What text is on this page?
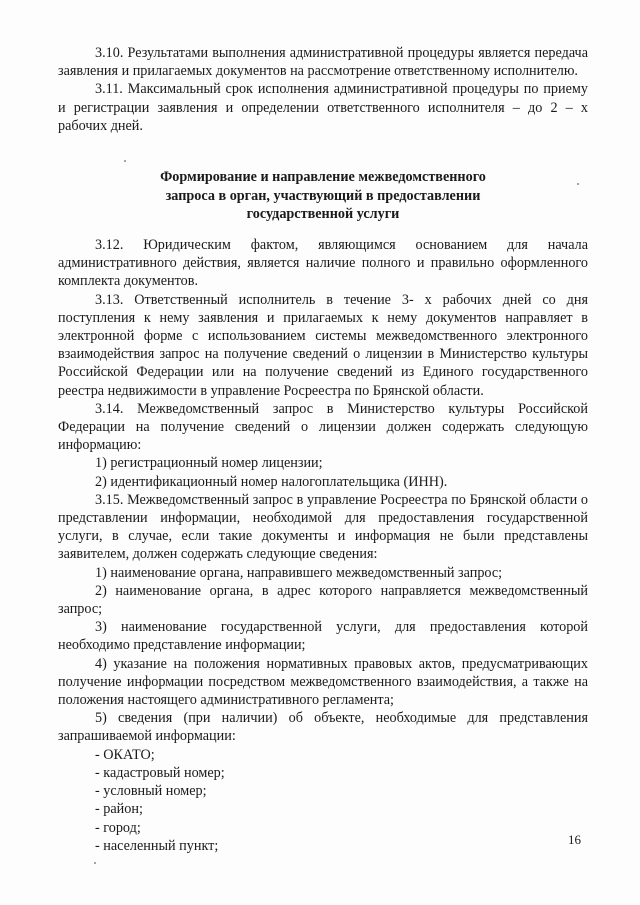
3.10. Результатами выполнения административной процедуры является передача заявления и прилагаемых документов на рассмотрение ответственному исполнителю.

3.11. Максимальный срок исполнения административной процедуры по приему и регистрации заявления и определении ответственного исполнителя – до 2 – х рабочих дней.

Формирование и направление межведомственного
запроса в орган, участвующий в предоставлении
государственной услуги

3.12. Юридическим фактом, являющимся основанием для начала административного действия, является наличие полного и правильно оформленного комплекта документов.

3.13. Ответственный исполнитель в течение 3- х рабочих дней со дня поступления к нему заявления и прилагаемых к нему документов направляет в электронной форме с использованием системы межведомственного электронного взаимодействия запрос на получение сведений о лицензии в Министерство культуры Российской Федерации или на получение сведений из Единого государственного реестра недвижимости в управление Росреестра по Брянской области.

3.14. Межведомственный запрос в Министерство культуры Российской Федерации на получение сведений о лицензии должен содержать следующую информацию:

1) регистрационный номер лицензии;

2) идентификационный номер налогоплательщика (ИНН).

3.15. Межведомственный запрос в управление Росреестра по Брянской области о представлении информации, необходимой для предоставления государственной услуги, в случае, если такие документы и информация не были представлены заявителем, должен содержать следующие сведения:

1) наименование органа, направившего межведомственный запрос;

2) наименование органа, в адрес которого направляется межведомственный запрос;

3) наименование государственной услуги, для предоставления которой необходимо представление информации;

4) указание на положения нормативных правовых актов, предусматривающих получение информации посредством межведомственного взаимодействия, а также на положения настоящего административного регламента;

5) сведения (при наличии) об объекте, необходимые для представления запрашиваемой информации:

- ОКАТО;

- кадастровый номер;

- условный номер;

- район;

- город;

- населенный пункт;	16
